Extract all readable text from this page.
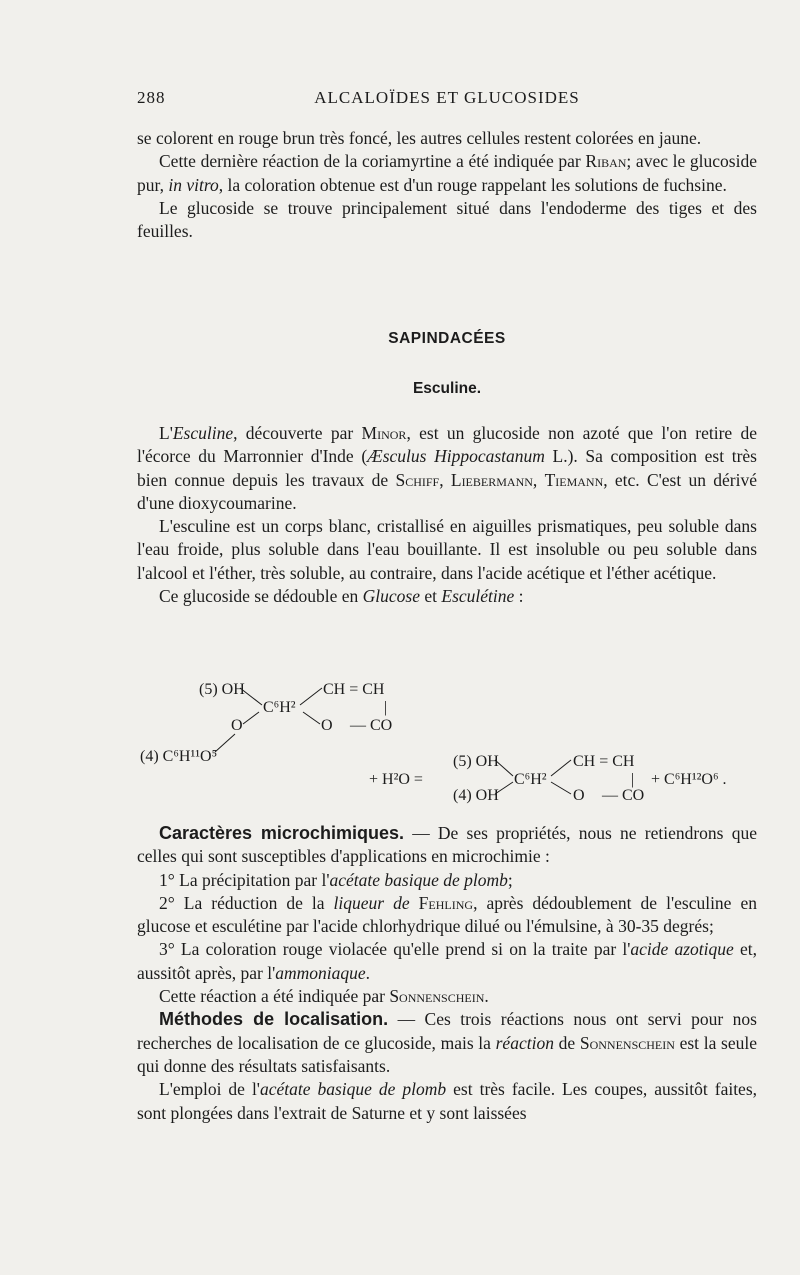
288	ALCALOÏDES ET GLUCOSIDES

se colorent en rouge brun très foncé, les autres cellules restent colorées en jaune.

Cette dernière réaction de la coriamyrtine a été indiquée par Riban; avec le glucoside pur, in vitro, la coloration obtenue est d'un rouge rappelant les solutions de fuchsine.

Le glucoside se trouve principalement situé dans l'endoderme des tiges et des feuilles.

SAPINDACÉES
Esculine.

L'Esculine, découverte par Minor, est un glucoside non azoté que l'on retire de l'écorce du Marronnier d'Inde (Æsculus Hippocastanum L.). Sa composition est très bien connue depuis les travaux de Schiff, Liebermann, Tiemann, etc. C'est un dérivé d'une dioxycoumarine.

L'esculine est un corps blanc, cristallisé en aiguilles prismatiques, peu soluble dans l'eau froide, plus soluble dans l'eau bouillante. Il est insoluble ou peu soluble dans l'alcool et l'éther, très soluble, au contraire, dans l'acide acétique et l'éther acétique.

Ce glucoside se dédouble en Glucose et Esculétine :

(5) OH
C⁶H²
CH = CH
|
O	O — CO
(4) C⁶H¹¹O⁵
+ H²O =
(5) OH
(4) OH
C⁶H²
CH = CH
|
O — CO
+ C⁶H¹²O⁶ .

Caractères microchimiques. — De ses propriétés, nous ne retiendrons que celles qui sont susceptibles d'applications en microchimie :

1° La précipitation par l'acétate basique de plomb;

2° La réduction de la liqueur de Fehling, après dédoublement de l'esculine en glucose et esculétine par l'acide chlorhydrique dilué ou l'émulsine, à 30-35 degrés;

3° La coloration rouge violacée qu'elle prend si on la traite par l'acide azotique et, aussitôt après, par l'ammoniaque.

Cette réaction a été indiquée par Sonnenschein.

Méthodes de localisation. — Ces trois réactions nous ont servi pour nos recherches de localisation de ce glucoside, mais la réaction de Sonnenschein est la seule qui donne des résultats satisfaisants.

L'emploi de l'acétate basique de plomb est très facile. Les coupes, aussitôt faites, sont plongées dans l'extrait de Saturne et y sont laissées
